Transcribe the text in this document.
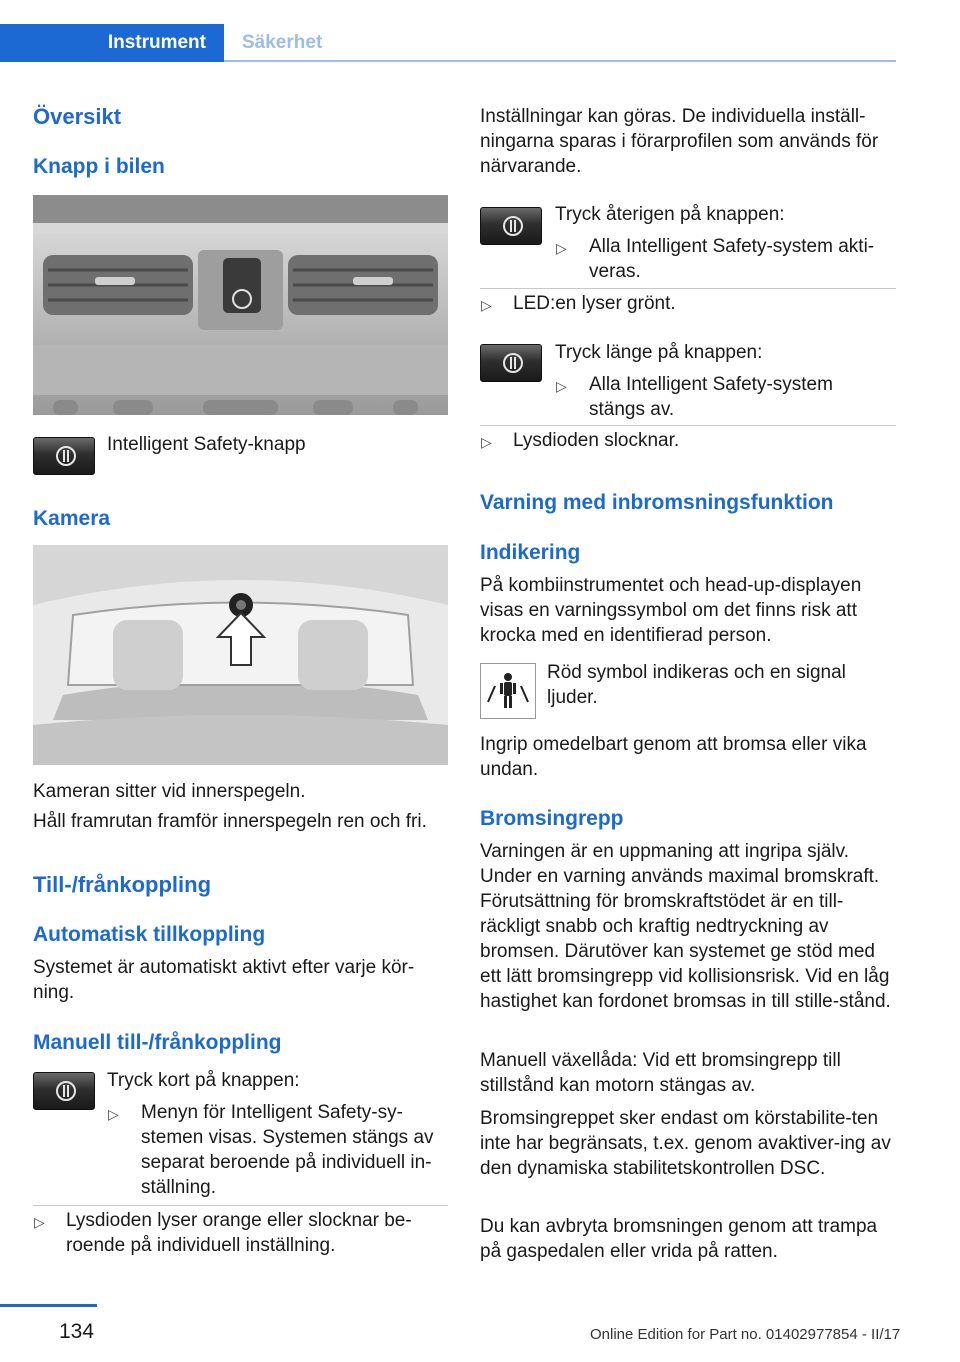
Instrument	Säkerhet
Översikt
Knapp i bilen
Intelligent Safety-knapp
Kamera
Kameran sitter vid innerspegeln.
Håll framrutan framför innerspegeln ren och fri.
Till-/frånkoppling
Automatisk tillkoppling
Systemet är automatiskt aktivt efter varje kör‐ning.
Manuell till-/frånkoppling
Tryck kort på knappen:
▷ Menyn för Intelligent Safety-sy‐stemen visas. Systemen stängs av separat beroende på individuell in‐ställning.
▷ Lysdioden lyser orange eller slocknar be‐roende på individuell inställning.
Inställningar kan göras. De individuella inställ‐ningarna sparas i förarprofilen som används för närvarande.
Tryck återigen på knappen:
▷ Alla Intelligent Safety-system akti‐veras.
▷ LED:en lyser grönt.
Tryck länge på knappen:
▷ Alla Intelligent Safety-system stängs av.
▷ Lysdioden slocknar.
Varning med inbromsningsfunktion
Indikering
På kombiinstrumentet och head-up-displayen visas en varningssymbol om det finns risk att krocka med en identifierad person.
Röd symbol indikeras och en signal ljuder.
Ingrip omedelbart genom att bromsa eller vika undan.
Bromsingrepp
Varningen är en uppmaning att ingripa själv. Under en varning används maximal bromskraft. Förutsättning för bromskraftstödet är en till‐räckligt snabb och kraftig nedtryckning av bromsen. Därutöver kan systemet ge stöd med ett lätt bromsingrepp vid kollisionsrisk. Vid en låg hastighet kan fordonet bromsas in till stille‐stånd.
Manuell växellåda: Vid ett bromsingrepp till stillstånd kan motorn stängas av.
Bromsingreppet sker endast om körstabilite‐ten inte har begränsats, t.ex. genom avaktiver‐ing av den dynamiska stabilitetskontrollen DSC.
Du kan avbryta bromsningen genom att trampa på gaspedalen eller vrida på ratten.
134	Online Edition for Part no. 01402977854 - II/17
